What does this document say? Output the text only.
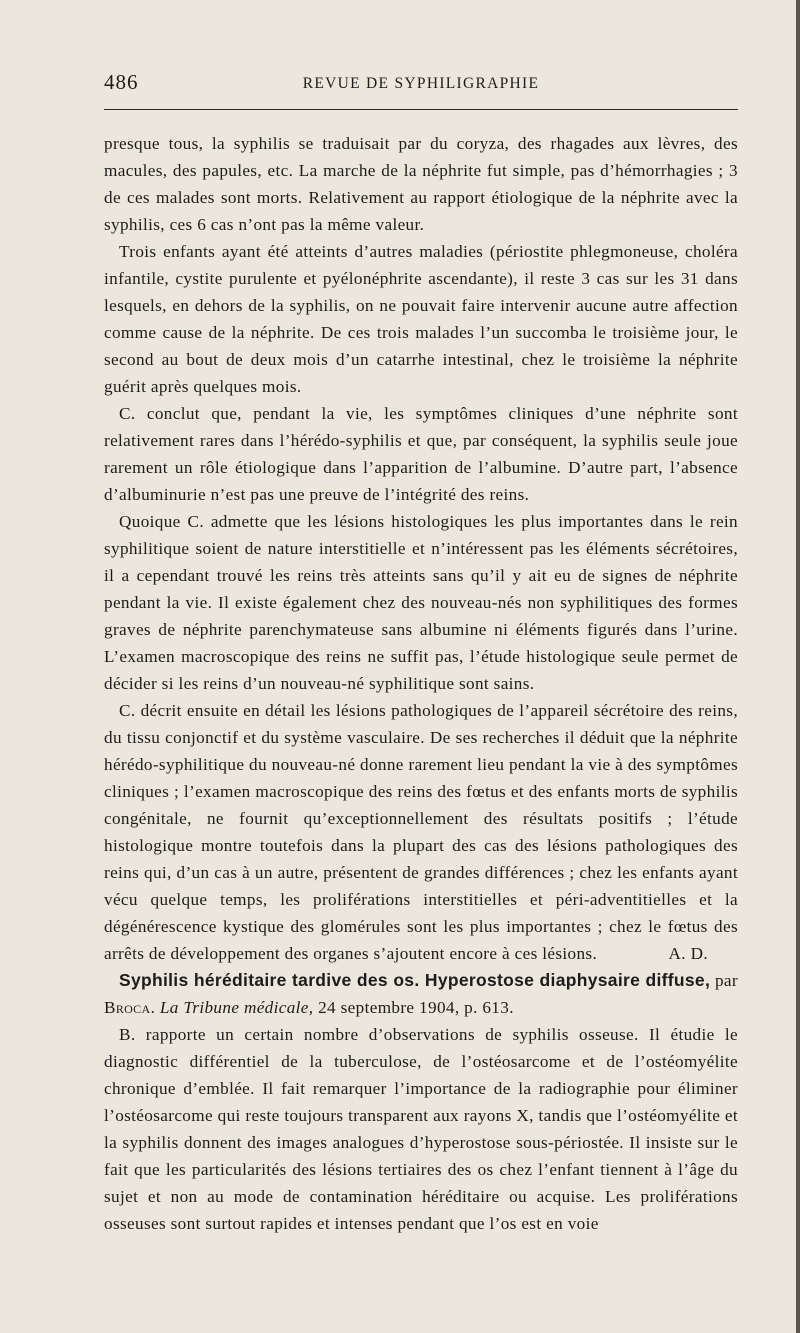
486	REVUE DE SYPHILIGRAPHIE

presque tous, la syphilis se traduisait par du coryza, des rhagades aux lèvres, des macules, des papules, etc. La marche de la néphrite fut simple, pas d’hémorrhagies ; 3 de ces malades sont morts. Relativement au rapport étiologique de la néphrite avec la syphilis, ces 6 cas n’ont pas la même valeur.

Trois enfants ayant été atteints d’autres maladies (périostite phlegmoneuse, choléra infantile, cystite purulente et pyélonéphrite ascendante), il reste 3 cas sur les 31 dans lesquels, en dehors de la syphilis, on ne pouvait faire intervenir aucune autre affection comme cause de la néphrite. De ces trois malades l’un succomba le troisième jour, le second au bout de deux mois d’un catarrhe intestinal, chez le troisième la néphrite guérit après quelques mois.

C. conclut que, pendant la vie, les symptômes cliniques d’une néphrite sont relativement rares dans l’hérédo-syphilis et que, par conséquent, la syphilis seule joue rarement un rôle étiologique dans l’apparition de l’albumine. D’autre part, l’absence d’albuminurie n’est pas une preuve de l’intégrité des reins.

Quoique C. admette que les lésions histologiques les plus importantes dans le rein syphilitique soient de nature interstitielle et n’intéressent pas les éléments sécrétoires, il a cependant trouvé les reins très atteints sans qu’il y ait eu de signes de néphrite pendant la vie. Il existe également chez des nouveau-nés non syphilitiques des formes graves de néphrite parenchymateuse sans albumine ni éléments figurés dans l’urine. L’examen macroscopique des reins ne suffit pas, l’étude histologique seule permet de décider si les reins d’un nouveau-né syphilitique sont sains.

C. décrit ensuite en détail les lésions pathologiques de l’appareil sécrétoire des reins, du tissu conjonctif et du système vasculaire. De ses recherches il déduit que la néphrite hérédo-syphilitique du nouveau-né donne rarement lieu pendant la vie à des symptômes cliniques ; l’examen macroscopique des reins des fœtus et des enfants morts de syphilis congénitale, ne fournit qu’exceptionnellement des résultats positifs ; l’étude histologique montre toutefois dans la plupart des cas des lésions pathologiques des reins qui, d’un cas à un autre, présentent de grandes différences ; chez les enfants ayant vécu quelque temps, les proliférations interstitielles et péri-adventitielles et la dégénérescence kystique des glomérules sont les plus importantes ; chez le fœtus des arrêts de développement des organes s’ajoutent encore à ces lésions.	A. D.

Syphilis héréditaire tardive des os. Hyperostose diaphysaire diffuse, par Broca. La Tribune médicale, 24 septembre 1904, p. 613.

B. rapporte un certain nombre d’observations de syphilis osseuse. Il étudie le diagnostic différentiel de la tuberculose, de l’ostéosarcome et de l’ostéomyélite chronique d’emblée. Il fait remarquer l’importance de la radiographie pour éliminer l’ostéosarcome qui reste toujours transparent aux rayons X, tandis que l’ostéomyélite et la syphilis donnent des images analogues d’hyperostose sous-périostée. Il insiste sur le fait que les particularités des lésions tertiaires des os chez l’enfant tiennent à l’âge du sujet et non au mode de contamination héréditaire ou acquise. Les proliférations osseuses sont surtout rapides et intenses pendant que l’os est en voie
